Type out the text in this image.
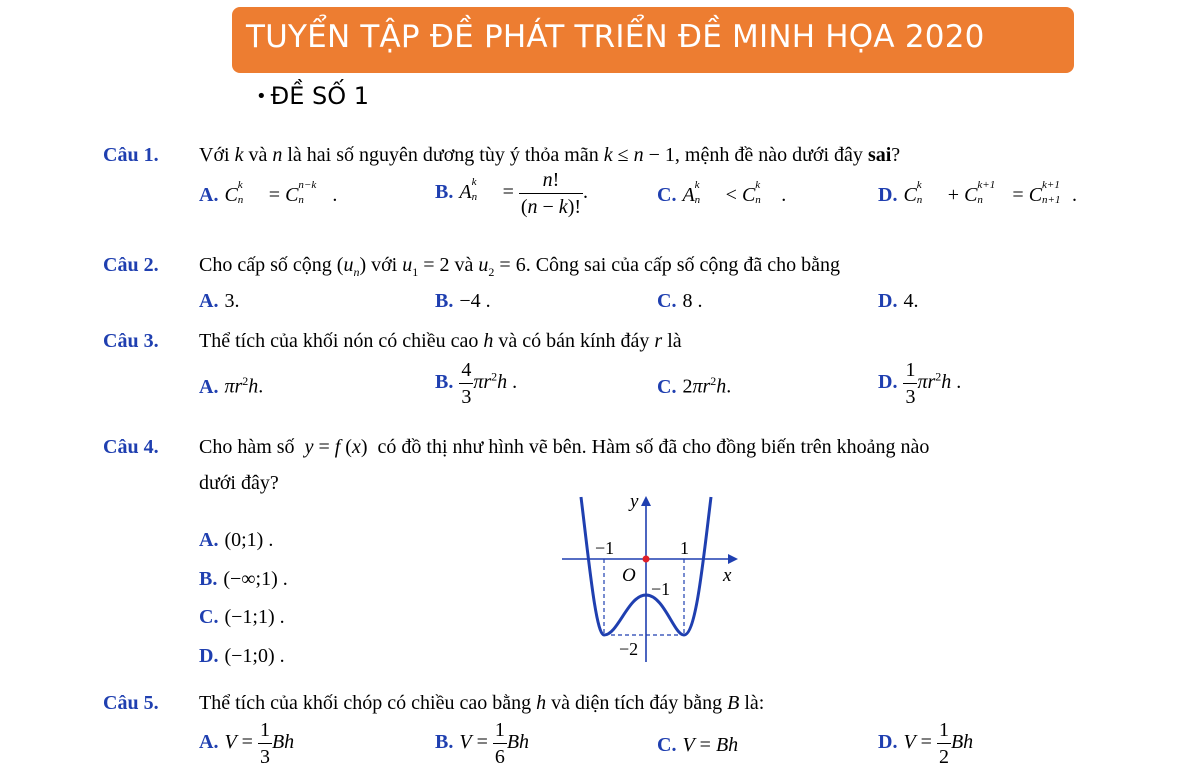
TUYỂN TẬP ĐỀ PHÁT TRIỂN ĐỀ MINH HỌA 2020
• ĐỀ SỐ 1
Câu 1. Với k và n là hai số nguyên dương tùy ý thỏa mãn k ≤ n − 1, mệnh đề nào dưới đây sai?
A. C k
n = C n−k
n .	B. A k
$n = \frac{n!}{(n - k)!}$ .	C. A k
n < C k
n .	D. C k
n + C k+1
n = C k+1
n+1 .
Câu 2. Cho cấp số cộng $(u_n)$ với $u_1 = 2$ và $u_2 = 6$. Công sai của cấp số cộng đã cho bằng
A. 3.	B. −4 .	C. 8 .	D. 4.
Câu 3. Thể tích của khối nón có chiều cao h và có bán kính đáy r là
A. $\pi r^2h$.	B. $\frac{4}{3} \pi r^2h$ .	C. $2\pi r^2h$.	D. $\frac{1}{3} \pi r^2h$ .
Câu 4. Cho hàm số y = f (x)  có đồ thị như hình vẽ bên. Hàm số đã cho đồng biến trên khoảng nào
dưới đây?
A. (0;1) .
B. (−∞;1) .
C. (−1;1) .
D. (−1;0) .
y
x
O
−1	1
−1
−2
Câu 5. Thể tích của khối chóp có chiều cao bằng h và diện tích đáy bằng B là:
A. $V = \frac{1}{3}$ Bh	B. $V = \frac{1}{6}$ Bh	C. V = Bh	D. $V = \frac{1}{2}$ Bh
